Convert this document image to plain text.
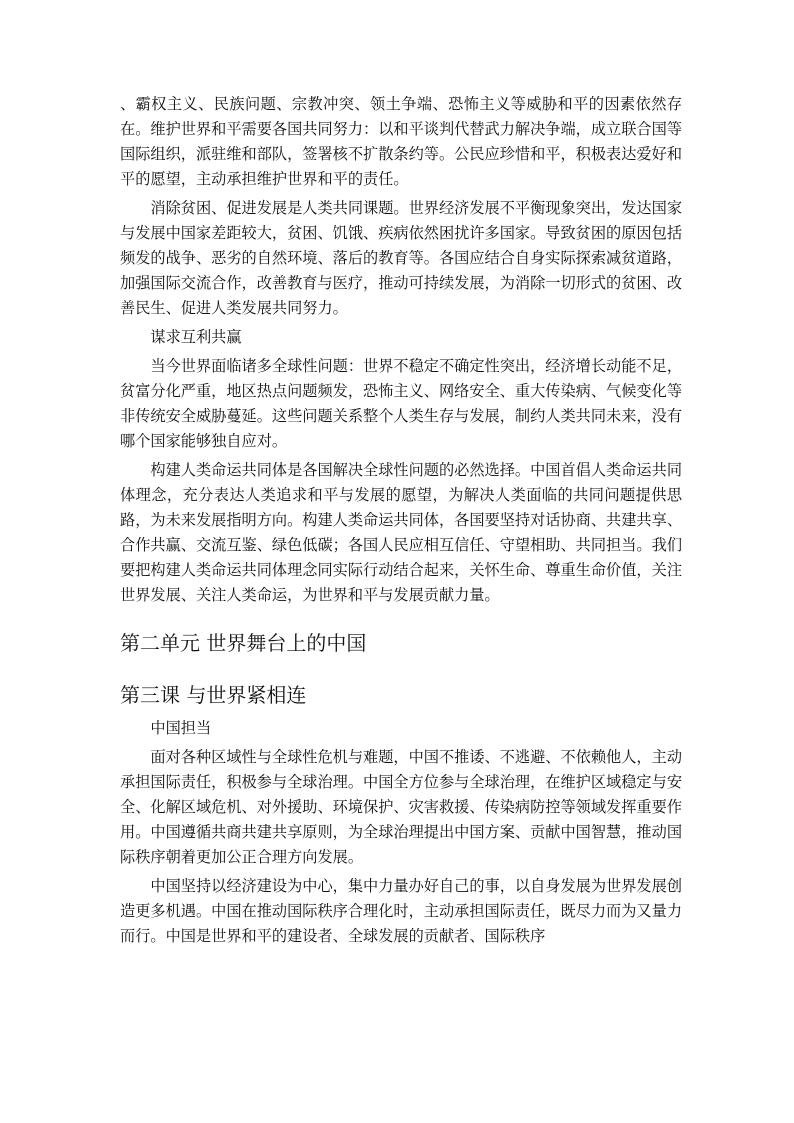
、霸权主义、民族问题、宗教冲突、领土争端、恐怖主义等威胁和平的因素依然存在。维护世界和平需要各国共同努力：以和平谈判代替武力解决争端，成立联合国等国际组织，派驻维和部队，签署核不扩散条约等。公民应珍惜和平，积极表达爱好和平的愿望，主动承担维护世界和平的责任。

消除贫困、促进发展是人类共同课题。世界经济发展不平衡现象突出，发达国家与发展中国家差距较大，贫困、饥饿、疾病依然困扰许多国家。导致贫困的原因包括频发的战争、恶劣的自然环境、落后的教育等。各国应结合自身实际探索减贫道路，加强国际交流合作，改善教育与医疗，推动可持续发展，为消除一切形式的贫困、改善民生、促进人类发展共同努力。

谋求互利共赢

当今世界面临诸多全球性问题：世界不稳定不确定性突出，经济增长动能不足，贫富分化严重，地区热点问题频发，恐怖主义、网络安全、重大传染病、气候变化等非传统安全威胁蔓延。这些问题关系整个人类生存与发展，制约人类共同未来，没有哪个国家能够独自应对。

构建人类命运共同体是各国解决全球性问题的必然选择。中国首倡人类命运共同体理念，充分表达人类追求和平与发展的愿望，为解决人类面临的共同问题提供思路，为未来发展指明方向。构建人类命运共同体，各国要坚持对话协商、共建共享、合作共赢、交流互鉴、绿色低碳；各国人民应相互信任、守望相助、共同担当。我们要把构建人类命运共同体理念同实际行动结合起来，关怀生命、尊重生命价值，关注世界发展、关注人类命运，为世界和平与发展贡献力量。

第二单元 世界舞台上的中国
第三课 与世界紧相连

中国担当

面对各种区域性与全球性危机与难题，中国不推诿、不逃避、不依赖他人，主动承担国际责任，积极参与全球治理。中国全方位参与全球治理，在维护区域稳定与安全、化解区域危机、对外援助、环境保护、灾害救援、传染病防控等领域发挥重要作用。中国遵循共商共建共享原则，为全球治理提出中国方案、贡献中国智慧，推动国际秩序朝着更加公正合理方向发展。

中国坚持以经济建设为中心，集中力量办好自己的事，以自身发展为世界发展创造更多机遇。中国在推动国际秩序合理化时，主动承担国际责任，既尽力而为又量力而行。中国是世界和平的建设者、全球发展的贡献者、国际秩序
